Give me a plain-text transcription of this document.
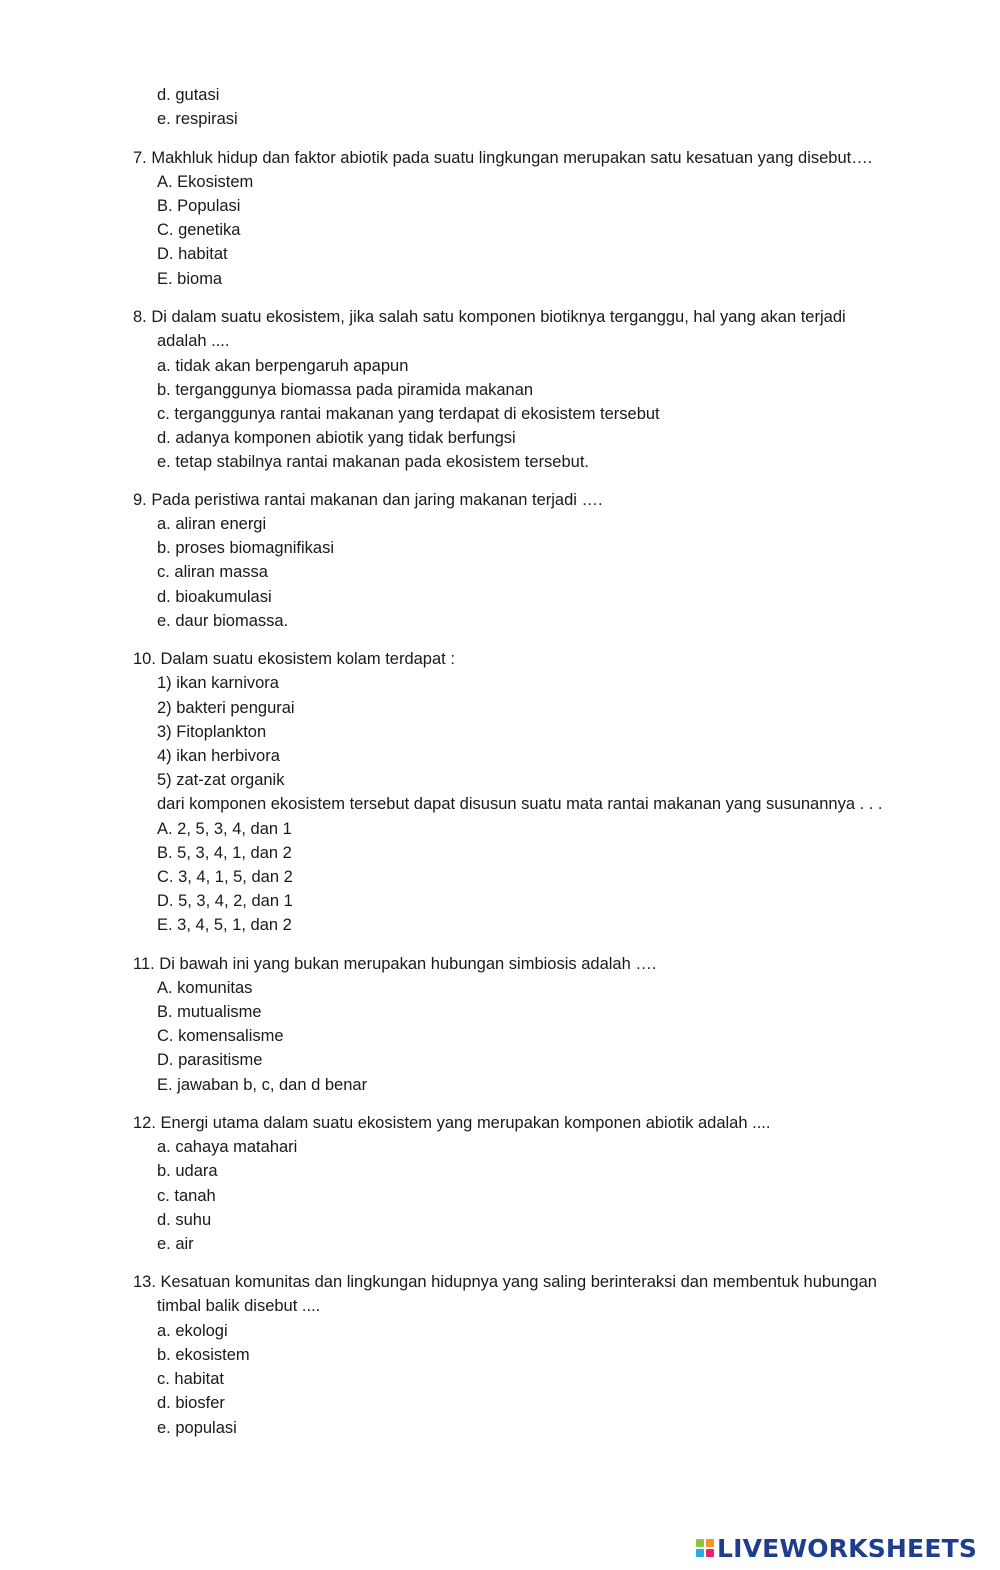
d. gutasi
e. respirasi
7. Makhluk hidup dan faktor abiotik pada suatu lingkungan merupakan satu kesatuan yang disebut….
A. Ekosistem
B. Populasi
C. genetika
D. habitat
E. bioma
8. Di dalam suatu ekosistem, jika salah satu komponen biotiknya terganggu, hal yang akan terjadi
adalah ....
a. tidak akan berpengaruh apapun
b. terganggunya biomassa pada piramida makanan
c. terganggunya rantai makanan yang terdapat di ekosistem tersebut
d. adanya komponen abiotik yang tidak berfungsi
e. tetap stabilnya rantai makanan pada ekosistem tersebut.
9. Pada peristiwa rantai makanan dan jaring makanan terjadi ….
a. aliran energi
b. proses biomagnifikasi
c. aliran massa
d. bioakumulasi
e. daur biomassa.
10. Dalam suatu ekosistem kolam terdapat :
1) ikan karnivora
2) bakteri pengurai
3) Fitoplankton
4) ikan herbivora
5) zat-zat organik
dari komponen ekosistem tersebut dapat disusun suatu mata rantai makanan yang susunannya . . .
A. 2, 5, 3, 4, dan 1
B. 5, 3, 4, 1, dan 2
C. 3, 4, 1, 5, dan 2
D. 5, 3, 4, 2, dan 1
E. 3, 4, 5, 1, dan 2
11. Di bawah ini yang bukan merupakan hubungan simbiosis adalah ….
A. komunitas
B. mutualisme
C. komensalisme
D. parasitisme
E. jawaban b, c, dan d benar
12. Energi utama dalam suatu ekosistem yang merupakan komponen abiotik adalah ....
a. cahaya matahari
b. udara
c. tanah
d. suhu
e. air
13. Kesatuan komunitas dan lingkungan hidupnya yang saling berinteraksi dan membentuk hubungan
timbal balik disebut ....
a. ekologi
b. ekosistem
c. habitat
d. biosfer
e. populasi
LIVEWORKSHEETS
